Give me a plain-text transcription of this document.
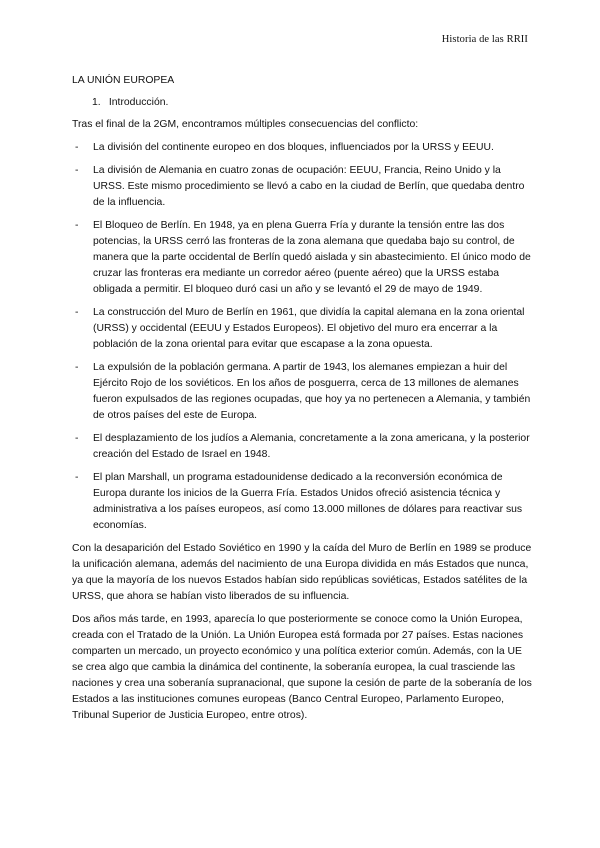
Historia de las RRII
LA UNIÓN EUROPEA
1. Introducción.

Tras el final de la 2GM, encontramos múltiples consecuencias del conflicto:

- La división del continente europeo en dos bloques, influenciados por la URSS y EEUU.
- La división de Alemania en cuatro zonas de ocupación: EEUU, Francia, Reino Unido y la URSS. Este mismo procedimiento se llevó a cabo en la ciudad de Berlín, que quedaba dentro de la influencia.
- El Bloqueo de Berlín. En 1948, ya en plena Guerra Fría y durante la tensión entre las dos potencias, la URSS cerró las fronteras de la zona alemana que quedaba bajo su control, de manera que la parte occidental de Berlín quedó aislada y sin abastecimiento. El único modo de cruzar las fronteras era mediante un corredor aéreo (puente aéreo) que la URSS estaba obligada a permitir. El bloqueo duró casi un año y se levantó el 29 de mayo de 1949.
- La construcción del Muro de Berlín en 1961, que dividía la capital alemana en la zona oriental (URSS) y occidental (EEUU y Estados Europeos). El objetivo del muro era encerrar a la población de la zona oriental para evitar que escapase a la zona opuesta.
- La expulsión de la población germana. A partir de 1943, los alemanes empiezan a huir del Ejército Rojo de los soviéticos. En los años de posguerra, cerca de 13 millones de alemanes fueron expulsados de las regiones ocupadas, que hoy ya no pertenecen a Alemania, y también de otros países del este de Europa.
- El desplazamiento de los judíos a Alemania, concretamente a la zona americana, y la posterior creación del Estado de Israel en 1948.
- El plan Marshall, un programa estadounidense dedicado a la reconversión económica de Europa durante los inicios de la Guerra Fría. Estados Unidos ofreció asistencia técnica y administrativa a los países europeos, así como 13.000 millones de dólares para reactivar sus economías.

Con la desaparición del Estado Soviético en 1990 y la caída del Muro de Berlín en 1989 se produce la unificación alemana, además del nacimiento de una Europa dividida en más Estados que nunca, ya que la mayoría de los nuevos Estados habían sido repúblicas soviéticas, Estados satélites de la URSS, que ahora se habían visto liberados de su influencia.

Dos años más tarde, en 1993, aparecía lo que posteriormente se conoce como la Unión Europea, creada con el Tratado de la Unión. La Unión Europea está formada por 27 países. Estas naciones comparten un mercado, un proyecto económico y una política exterior común. Además, con la UE se crea algo que cambia la dinámica del continente, la soberanía europea, la cual trasciende las naciones y crea una soberanía supranacional, que supone la cesión de parte de la soberanía de los Estados a las instituciones comunes europeas (Banco Central Europeo, Parlamento Europeo, Tribunal Superior de Justicia Europeo, entre otros).
